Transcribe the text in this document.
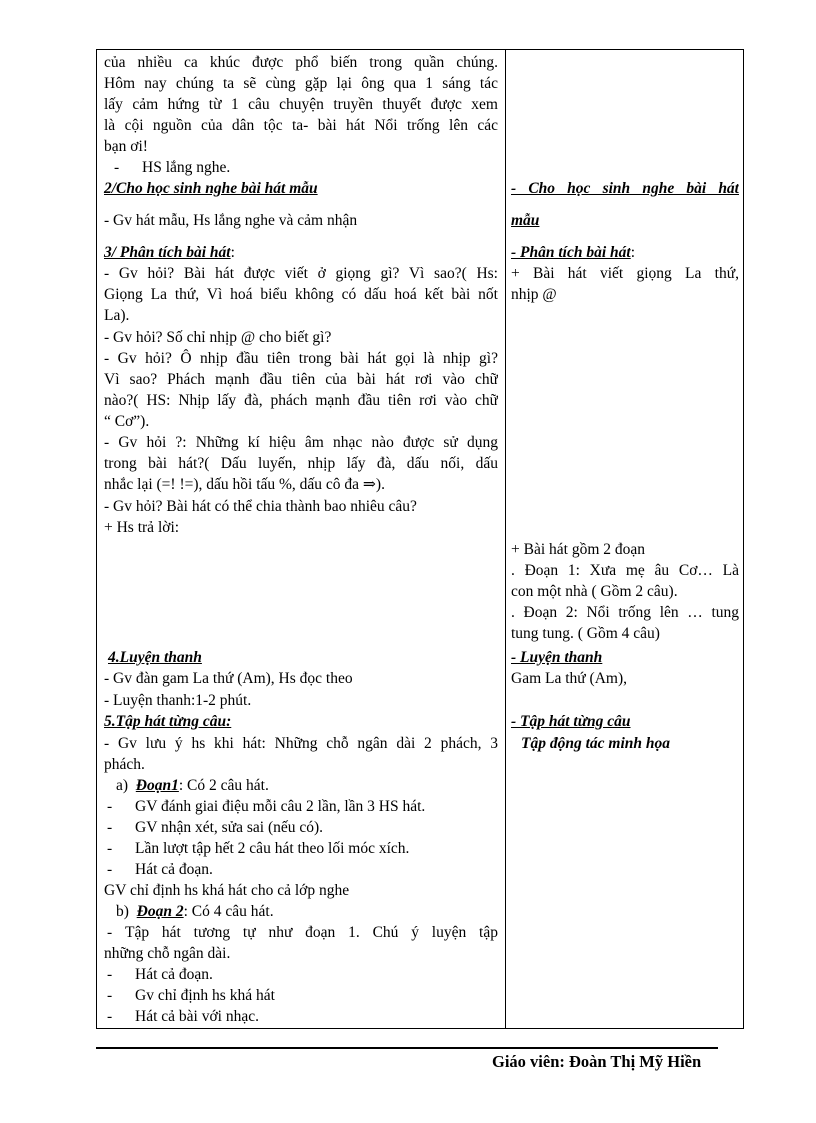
của nhiều ca khúc được phổ biến trong quần chúng.
Hôm nay chúng ta sẽ cùng gặp lại ông qua 1 sáng tác
lấy cảm hứng từ 1 câu chuyện truyền thuyết được xem
là cội nguồn của dân tộc ta- bài hát Nổi trống lên các
bạn ơi!
- HS lắng nghe.
2/Cho học sinh nghe bài hát mẫu
- Gv hát mẫu, Hs lắng nghe và cảm nhận
3/ Phân tích bài hát:
- Gv hỏi? Bài hát được viết ở giọng gì? Vì sao?( Hs:
Giọng La thứ, Vì hoá biểu không có dấu hoá kết bài nốt
La).
- Gv hỏi? Số chỉ nhịp @ cho biết gì?
- Gv hỏi? Ô nhịp đầu tiên trong bài hát gọi là nhịp gì?
Vì sao? Phách mạnh đầu tiên của bài hát rơi vào chữ
nào?( HS: Nhịp lấy đà, phách mạnh đầu tiên rơi vào chữ
“ Cơ”).
- Gv hỏi ?: Những kí hiệu âm nhạc nào được sử dụng
trong bài hát?( Dấu luyến, nhịp lấy đà, dấu nối, dấu
nhắc lại (=! !=), dấu hồi tấu %, dấu cô đa ⇒).
- Gv hỏi? Bài hát có thể chia thành bao nhiêu câu?
+ Hs trả lời:
4.Luyện thanh
- Gv đàn gam La thứ (Am), Hs đọc theo
- Luyện thanh:1-2 phút.
5.Tập hát từng câu:
- Gv lưu ý hs khi hát: Những chỗ ngân dài 2 phách, 3
phách.
a) Đoạn1: Có 2 câu hát.
- GV đánh giai điệu mỗi câu 2 lần, lần 3 HS hát.
- GV nhận xét, sửa sai (nếu có).
- Lần lượt tập hết 2 câu hát theo lối móc xích.
- Hát cả đoạn.
GV chỉ định hs khá hát cho cả lớp nghe
b) Đoạn 2: Có 4 câu hát.
- Tập hát tương tự như đoạn 1. Chú ý luyện tập
những chỗ ngân dài.
- Hát cả đoạn.
- Gv chỉ định hs khá hát
- Hát cả bài với nhạc.
- Cho học sinh nghe bài hát
mẫu
- Phân tích bài hát:
+ Bài hát viết giọng La thứ,
nhịp @
+ Bài hát gồm 2 đoạn
. Đoạn 1: Xưa mẹ âu Cơ… Là
con một nhà ( Gồm 2 câu).
. Đoạn 2: Nổi trống lên … tung
tung tung. ( Gồm 4 câu)
- Luyện thanh
Gam La thứ (Am),
- Tập hát từng câu
Tập động tác minh họa
Giáo viên: Đoàn Thị Mỹ Hiền
